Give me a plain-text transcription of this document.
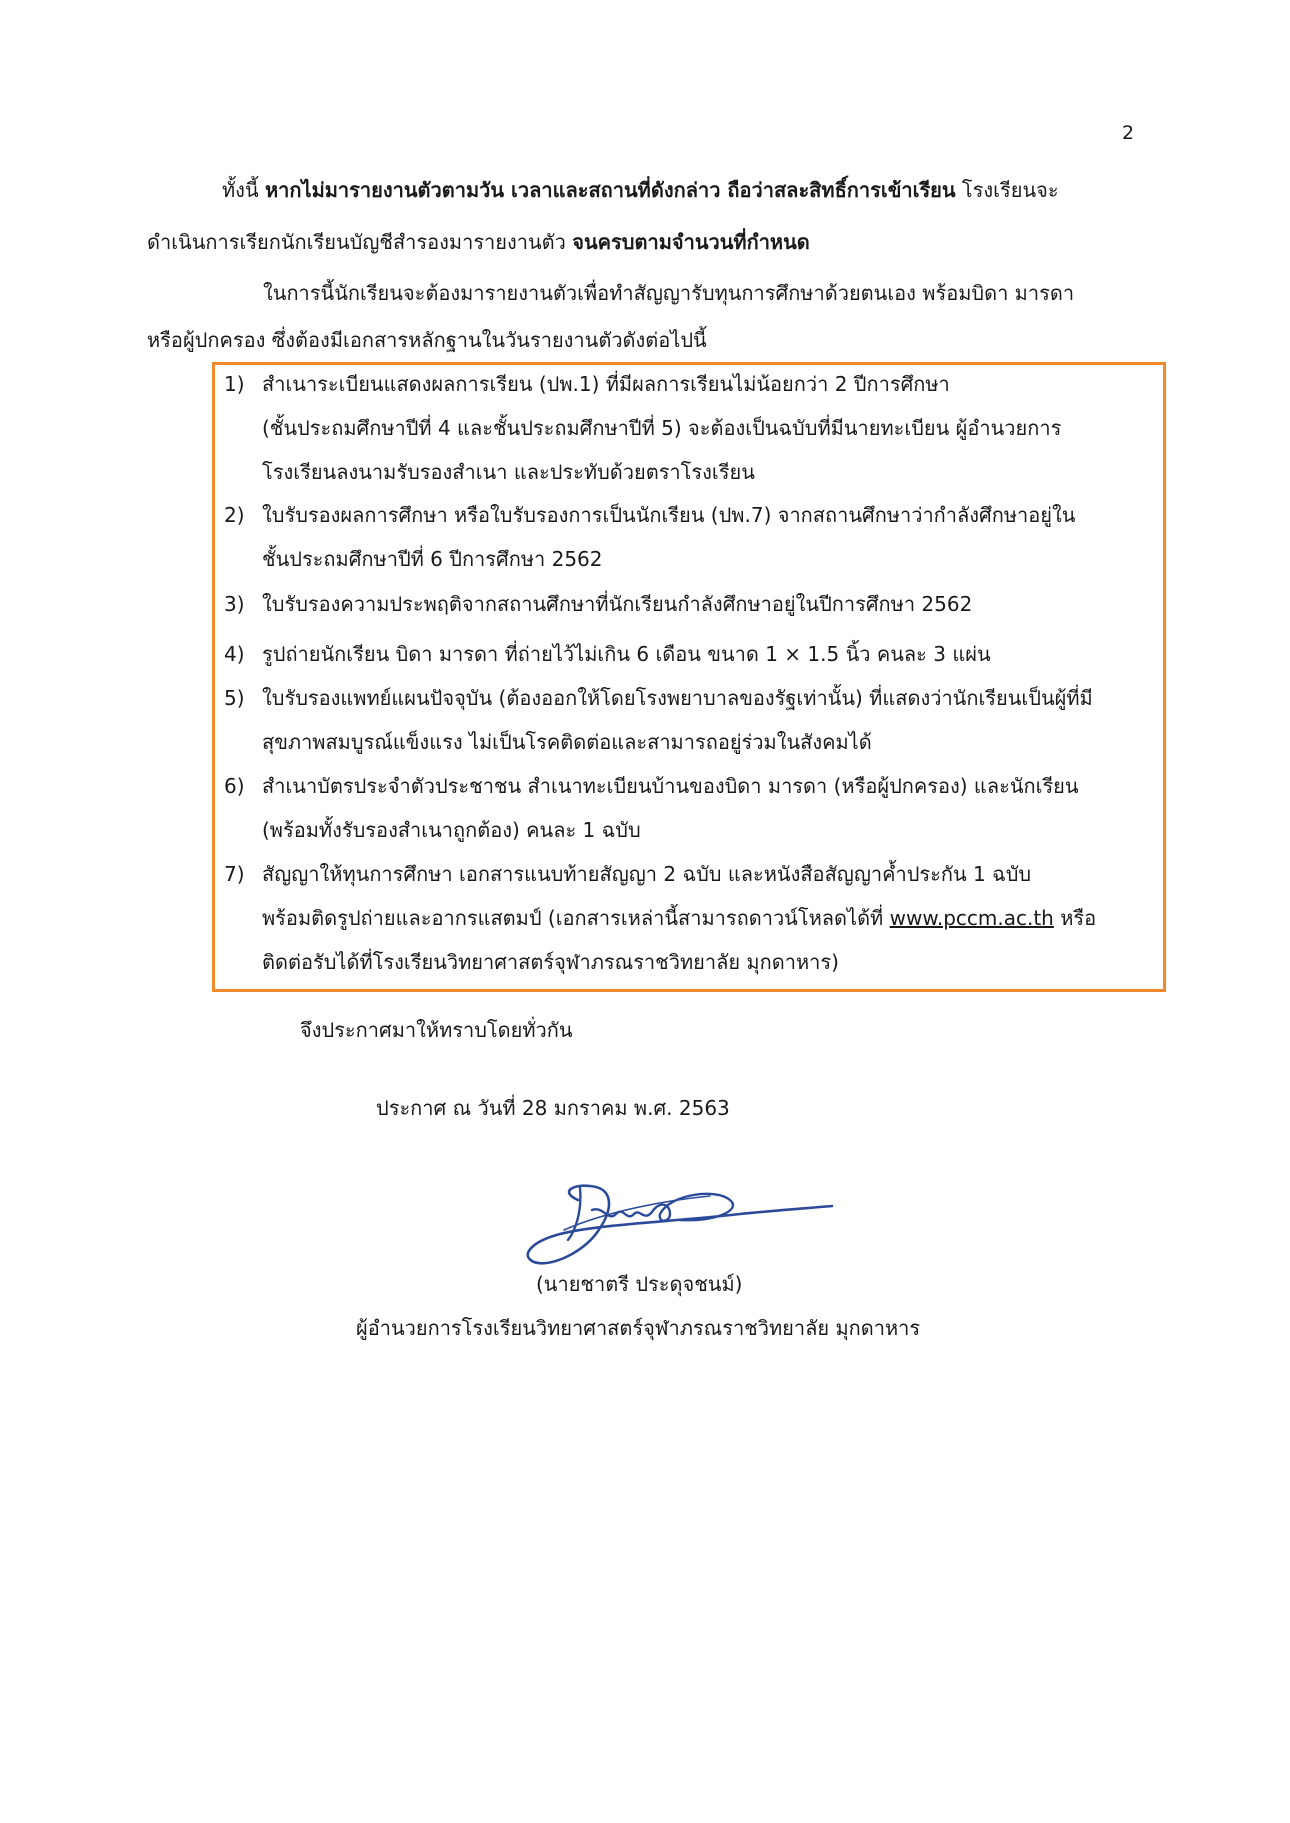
2
ทั้งนี้ หากไม่มารายงานตัวตามวัน เวลาและสถานที่ดังกล่าว ถือว่าสละสิทธิ์การเข้าเรียน โรงเรียนจะ
ดำเนินการเรียกนักเรียนบัญชีสำรองมารายงานตัว จนครบตามจำนวนที่กำหนด
ในการนี้นักเรียนจะต้องมารายงานตัวเพื่อทำสัญญารับทุนการศึกษาด้วยตนเอง พร้อมบิดา มารดา
หรือผู้ปกครอง ซึ่งต้องมีเอกสารหลักฐานในวันรายงานตัวดังต่อไปนี้
1) สำเนาระเบียนแสดงผลการเรียน (ปพ.1) ที่มีผลการเรียนไม่น้อยกว่า 2 ปีการศึกษา
(ชั้นประถมศึกษาปีที่ 4 และชั้นประถมศึกษาปีที่ 5) จะต้องเป็นฉบับที่มีนายทะเบียน ผู้อำนวยการ
โรงเรียนลงนามรับรองสำเนา และประทับด้วยตราโรงเรียน
2) ใบรับรองผลการศึกษา หรือใบรับรองการเป็นนักเรียน (ปพ.7) จากสถานศึกษาว่ากำลังศึกษาอยู่ใน
ชั้นประถมศึกษาปีที่ 6 ปีการศึกษา 2562
3) ใบรับรองความประพฤติจากสถานศึกษาที่นักเรียนกำลังศึกษาอยู่ในปีการศึกษา 2562
4) รูปถ่ายนักเรียน บิดา มารดา ที่ถ่ายไว้ไม่เกิน 6 เดือน ขนาด 1 × 1.5 นิ้ว คนละ 3 แผ่น
5) ใบรับรองแพทย์แผนปัจจุบัน (ต้องออกให้โดยโรงพยาบาลของรัฐเท่านั้น) ที่แสดงว่านักเรียนเป็นผู้ที่มี
สุขภาพสมบูรณ์แข็งแรง ไม่เป็นโรคติดต่อและสามารถอยู่ร่วมในสังคมได้
6) สำเนาบัตรประจำตัวประชาชน สำเนาทะเบียนบ้านของบิดา มารดา (หรือผู้ปกครอง) และนักเรียน
(พร้อมทั้งรับรองสำเนาถูกต้อง) คนละ 1 ฉบับ
7) สัญญาให้ทุนการศึกษา เอกสารแนบท้ายสัญญา 2 ฉบับ และหนังสือสัญญาค้ำประกัน 1 ฉบับ
พร้อมติดรูปถ่ายและอากรแสตมป์ (เอกสารเหล่านี้สามารถดาวน์โหลดได้ที่ www.pccm.ac.th หรือ
ติดต่อรับได้ที่โรงเรียนวิทยาศาสตร์จุฬาภรณราชวิทยาลัย มุกดาหาร)
จึงประกาศมาให้ทราบโดยทั่วกัน
ประกาศ ณ วันที่ 28 มกราคม พ.ศ. 2563
(นายชาตรี ประดุจชนม์)
ผู้อำนวยการโรงเรียนวิทยาศาสตร์จุฬาภรณราชวิทยาลัย มุกดาหาร
